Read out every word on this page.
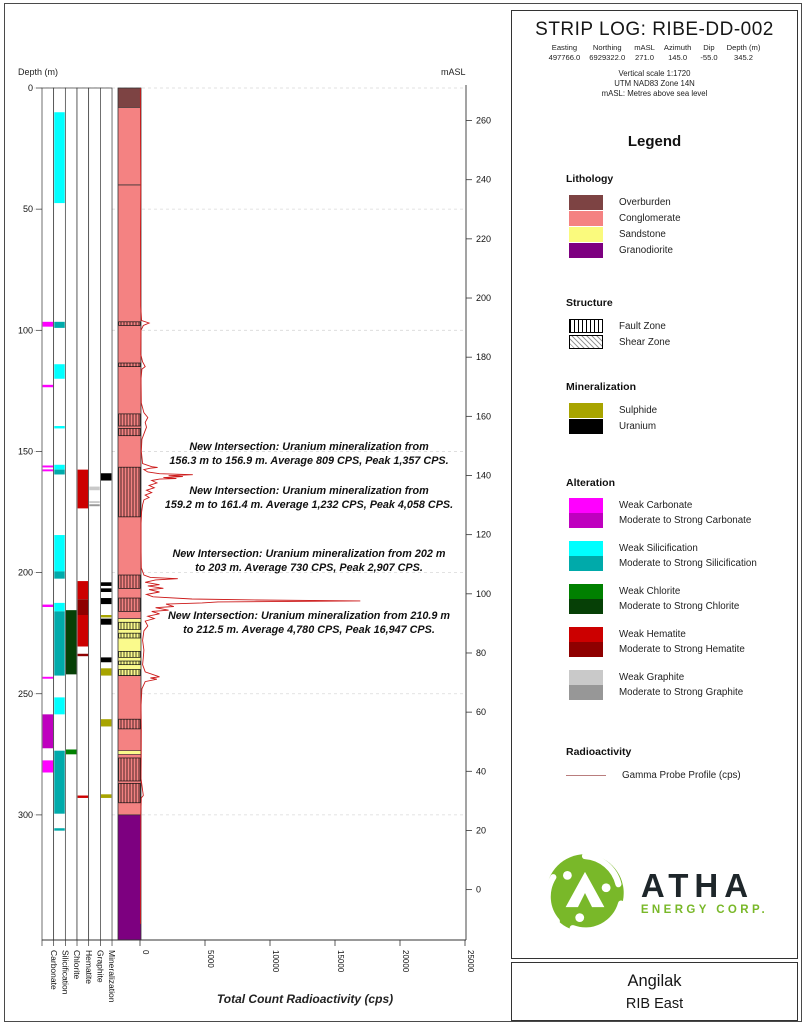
Carbonate Silicification Chlorite Hematite Graphite Mineralization
0
50
100
150
200
250
300
260
240
220
200
180
160
140
120
100
80
60
40
20
0
0	5000	10000	15000	20000	25000
Depth (m)	mASL
Total Count Radioactivity (cps)
New Intersection: Uranium mineralization from
156.3 m to 156.9 m. Average 809 CPS, Peak 1,357 CPS.
New Intersection: Uranium mineralization from
159.2 m to 161.4 m. Average 1,232 CPS, Peak 4,058 CPS.
New Intersection: Uranium mineralization from 202 m
to 203 m. Average 730 CPS, Peak 2,907 CPS.
New Intersection: Uranium mineralization from 210.9 m
to 212.5 m. Average 4,780 CPS, Peak 16,947 CPS.
STRIP LOG: RIBE-DD-002
Easting
497766.0
Northing
6929322.0
mASL
271.0
Azimuth
145.0
Dip
-55.0
Depth (m)
345.2
Vertical scale 1:1720
UTM NAD83 Zone 14N
mASL: Metres above sea level
Legend
Lithology
Overburden
Conglomerate
Sandstone
Granodiorite
Structure
Fault Zone
Shear Zone
Mineralization
Sulphide
Uranium
Alteration
Weak Carbonate
Moderate to Strong Carbonate
Weak Silicification
Moderate to Strong Silicification
Weak Chlorite
Moderate to Strong Chlorite
Weak Hematite
Moderate to Strong Hematite
Weak Graphite
Moderate to Strong Graphite
Radioactivity
Gamma Probe Profile (cps)
ATHA
ENERGY CORP.
Angilak
RIB East
